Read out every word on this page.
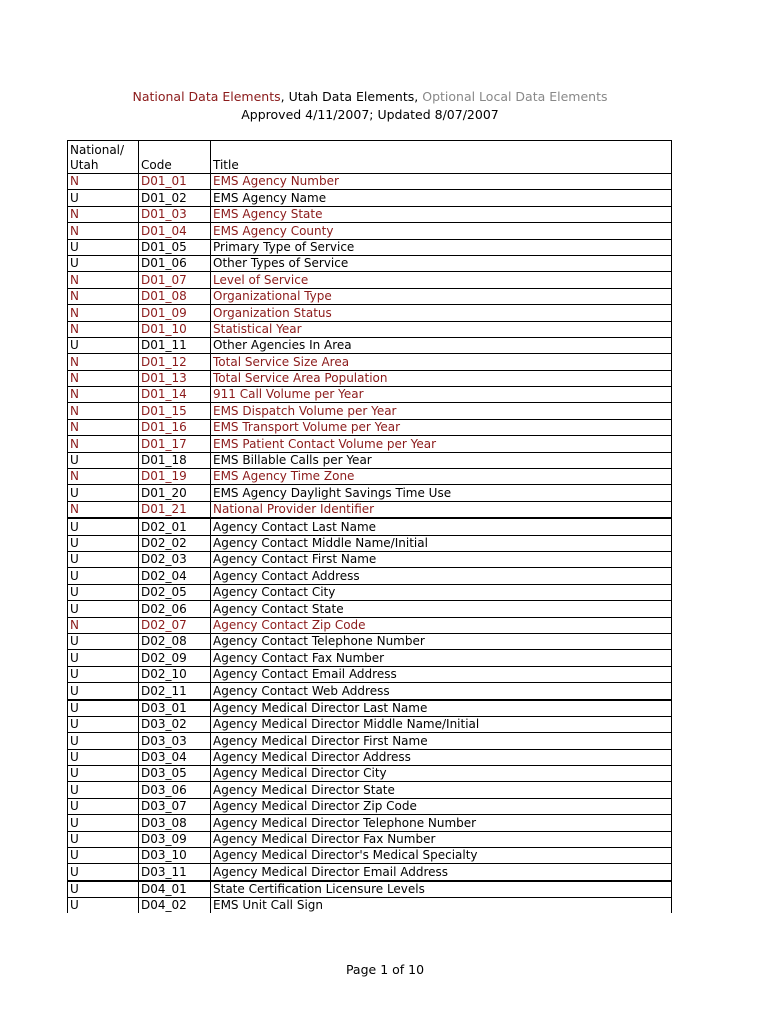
National Data Elements, Utah Data Elements, Optional Local Data Elements
Approved 4/11/2007; Updated 8/07/2007
National/
Utah	Code	Title
N	D01_01	EMS Agency Number
U	D01_02	EMS Agency Name
N	D01_03	EMS Agency State
N	D01_04	EMS Agency County
U	D01_05	Primary Type of Service
U	D01_06	Other Types of Service
N	D01_07	Level of Service
N	D01_08	Organizational Type
N	D01_09	Organization Status
N	D01_10	Statistical Year
U	D01_11	Other Agencies In Area
N	D01_12	Total Service Size Area
N	D01_13	Total Service Area Population
N	D01_14	911 Call Volume per Year
N	D01_15	EMS Dispatch Volume per Year
N	D01_16	EMS Transport Volume per Year
N	D01_17	EMS Patient Contact Volume per Year
U	D01_18	EMS Billable Calls per Year
N	D01_19	EMS Agency Time Zone
U	D01_20	EMS Agency Daylight Savings Time Use
N	D01_21	National Provider Identifier
U	D02_01	Agency Contact Last Name
U	D02_02	Agency Contact Middle Name/Initial
U	D02_03	Agency Contact First Name
U	D02_04	Agency Contact Address
U	D02_05	Agency Contact City
U	D02_06	Agency Contact State
N	D02_07	Agency Contact Zip Code
U	D02_08	Agency Contact Telephone Number
U	D02_09	Agency Contact Fax Number
U	D02_10	Agency Contact Email Address
U	D02_11	Agency Contact Web Address
U	D03_01	Agency Medical Director Last Name
U	D03_02	Agency Medical Director Middle Name/Initial
U	D03_03	Agency Medical Director First Name
U	D03_04	Agency Medical Director Address
U	D03_05	Agency Medical Director City
U	D03_06	Agency Medical Director State
U	D03_07	Agency Medical Director Zip Code
U	D03_08	Agency Medical Director Telephone Number
U	D03_09	Agency Medical Director Fax Number
U	D03_10	Agency Medical Director's Medical Specialty
U	D03_11	Agency Medical Director Email Address
U	D04_01	State Certification Licensure Levels
U	D04_02	EMS Unit Call Sign
Page 1 of 10
